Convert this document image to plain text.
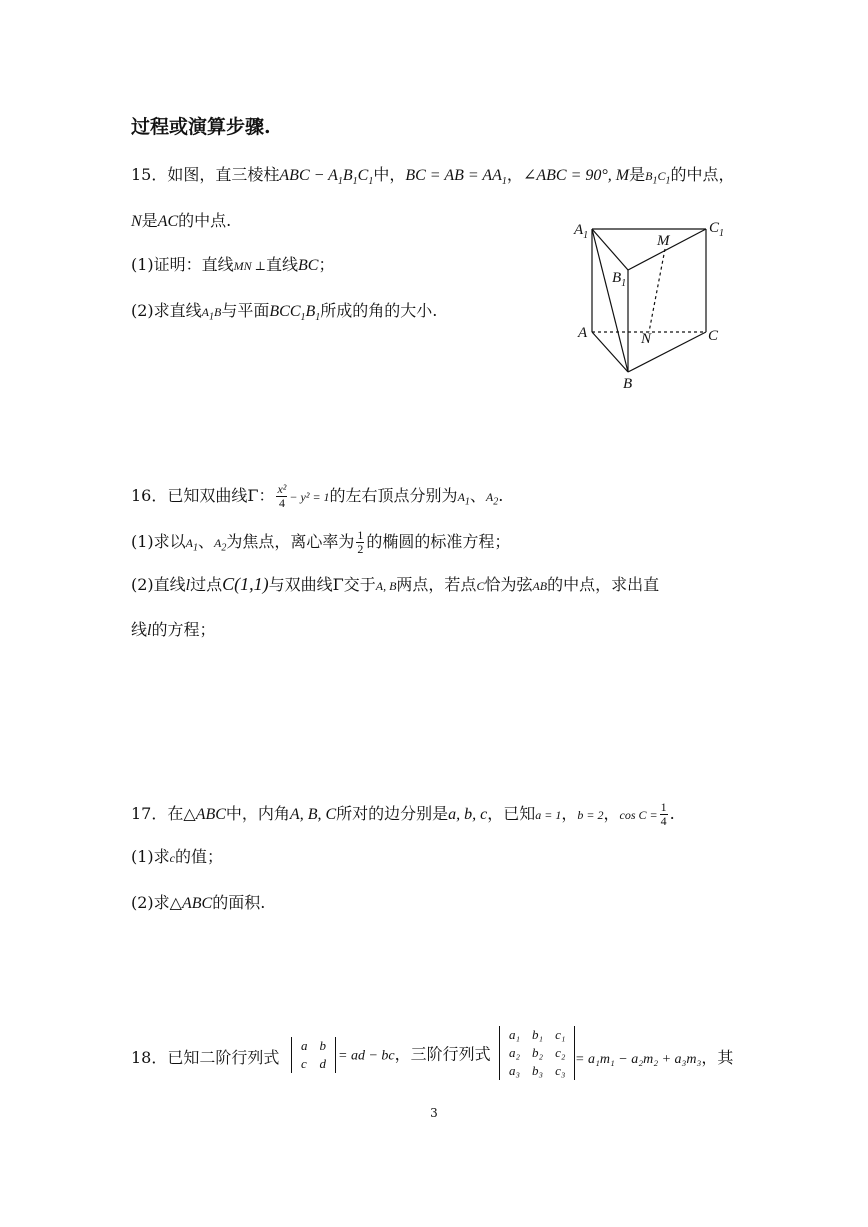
过程或演算步骤.
15．如图，直三棱柱ABC − $A_1B_1C_1$中，BC = AB = $AA_1$，∠ABC = 90°, M是$B_1C_1$的中点，
N是AC的中点.
(1)证明：直线MN ⊥直线BC；
(2)求直线$A_1B$与平面$BCC_1B_1$所成的角的大小.
$A_1$	$C_1$
M
$B_1$
A	N	C
B
16．已知双曲线Γ： $\frac{\text{x²}}{4} - y^2 = 1$的左右顶点分别为$A_1$、$A_2$.
(1)求以$A_1$、$A_2$为焦点，离心率为 $\frac{1}{2}$ 的椭圆的标准方程；
(2)直线l过点C(1,1)与双曲线Γ交于A, B两点，若点C恰为弦AB的中点，求出直
线l的方程；
17．在△ABC中，内角A, B, C所对的边分别是a, b, c，已知a = 1，b = 2，$\cos C = \frac{1}{4}$ .
(1)求c的值；
(2)求△ABC的面积.
18．已知二阶行列式
a	b
c	d = ad − bc，三阶行列式
a₁	b₁	c₁
a₂	b₂	c₂
a₃	b₃	c₃
= a₁m₁ − a₂m₂ + a₃m₃，其
3
